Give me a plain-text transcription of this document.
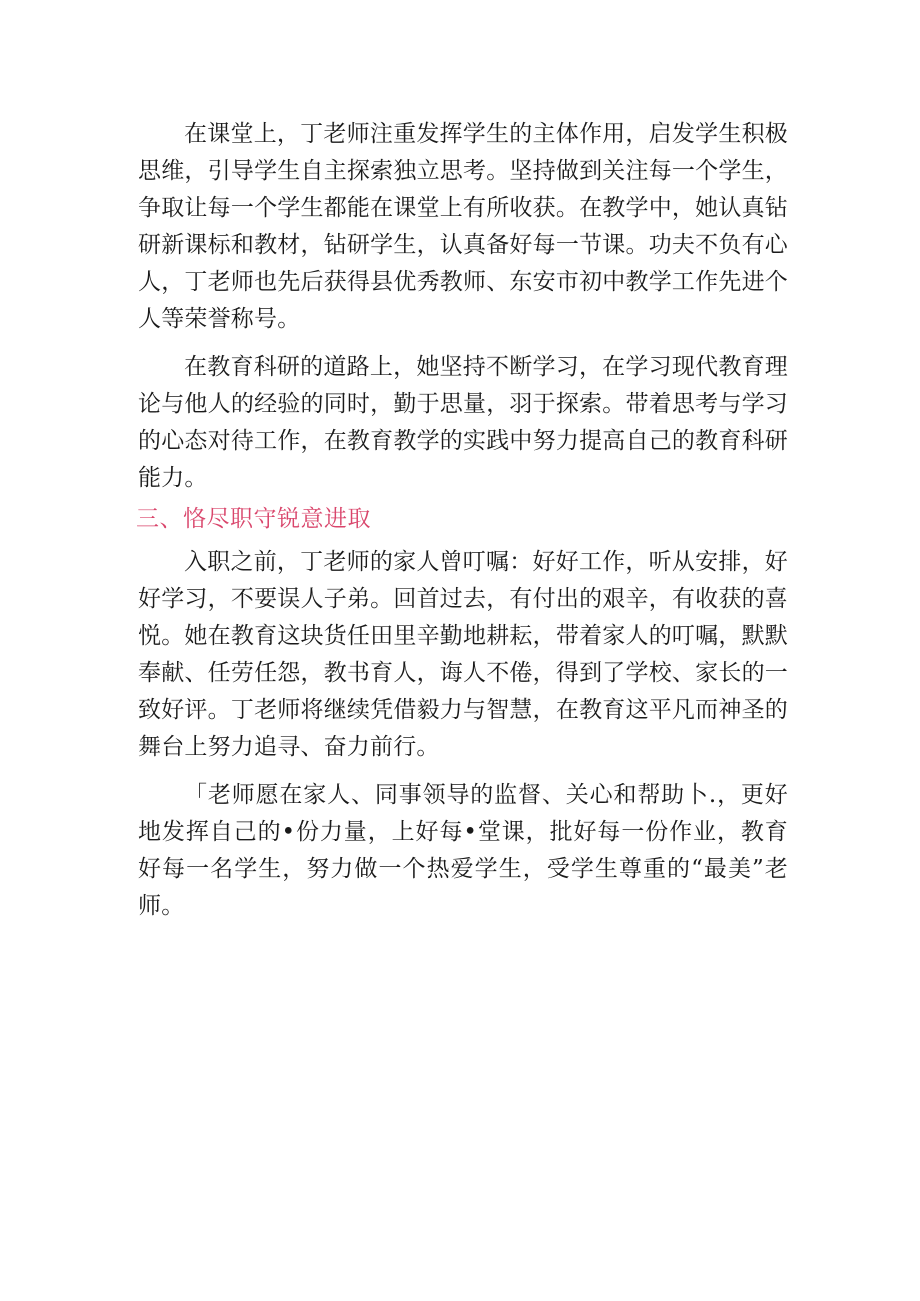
在课堂上，丁老师注重发挥学生的主体作用，启发学生积极思维，引导学生自主探索独立思考。坚持做到关注每一个学生，争取让每一个学生都能在课堂上有所收获。在教学中，她认真钻研新课标和教材，钻研学生，认真备好每一节课。功夫不负有心人，丁老师也先后获得县优秀教师、东安市初中教学工作先进个人等荣誉称号。

在教育科研的道路上，她坚持不断学习，在学习现代教育理论与他人的经验的同时，勤于思量，羽于探索。带着思考与学习的心态对待工作，在教育教学的实践中努力提高自己的教育科研能力。

三、恪尽职守锐意进取

入职之前，丁老师的家人曾叮嘱：好好工作，听从安排，好好学习，不要误人子弟。回首过去，有付出的艰辛，有收获的喜悦。她在教育这块货任田里辛勤地耕耘，带着家人的叮嘱，默默奉献、任劳任怨，教书育人，诲人不倦，得到了学校、家长的一致好评。丁老师将继续凭借毅力与智慧，在教育这平凡而神圣的舞台上努力追寻、奋力前行。

「老师愿在家人、同事领导的监督、关心和帮助卜.，更好地发挥自己的•份力量，上好每•堂课，批好每一份作业，教育好每一名学生，努力做一个热爱学生，受学生尊重的“最美”老师。
